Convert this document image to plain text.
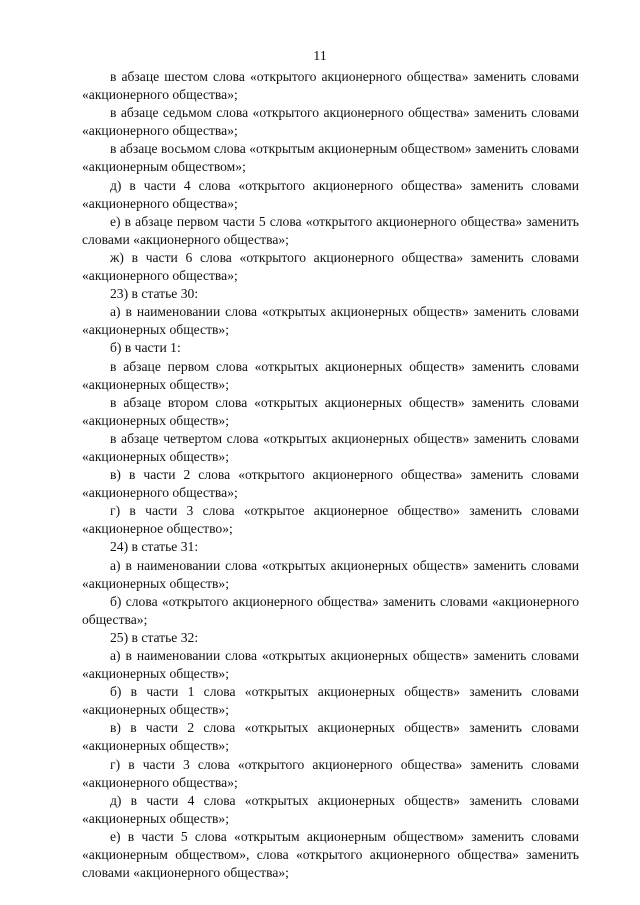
11

в абзаце шестом слова «открытого акционерного общества» заменить словами «акционерного общества»;

в абзаце седьмом слова «открытого акционерного общества» заменить словами «акционерного общества»;

в абзаце восьмом слова «открытым акционерным обществом» заменить словами «акционерным обществом»;

д) в части 4 слова «открытого акционерного общества» заменить словами «акционерного общества»;

е) в абзаце первом части 5 слова «открытого акционерного общества» заменить словами «акционерного общества»;

ж) в части 6 слова «открытого акционерного общества» заменить словами «акционерного общества»;

23) в статье 30:

а) в наименовании слова «открытых акционерных обществ» заменить словами «акционерных обществ»;

б) в части 1:

в абзаце первом слова «открытых акционерных обществ» заменить словами «акционерных обществ»;

в абзаце втором слова «открытых акционерных обществ» заменить словами «акционерных обществ»;

в абзаце четвертом слова «открытых акционерных обществ» заменить словами «акционерных обществ»;

в) в части 2 слова «открытого акционерного общества» заменить словами «акционерного общества»;

г) в части 3 слова «открытое акционерное общество» заменить словами «акционерное общество»;

24) в статье 31:

а) в наименовании слова «открытых акционерных обществ» заменить словами «акционерных обществ»;

б) слова «открытого акционерного общества» заменить словами «акционерного общества»;

25) в статье 32:

а) в наименовании слова «открытых акционерных обществ» заменить словами «акционерных обществ»;

б) в части 1 слова «открытых акционерных обществ» заменить словами «акционерных обществ»;

в) в части 2 слова «открытых акционерных обществ» заменить словами «акционерных обществ»;

г) в части 3 слова «открытого акционерного общества» заменить словами «акционерного общества»;

д) в части 4 слова «открытых акционерных обществ» заменить словами «акционерных обществ»;

е) в части 5 слова «открытым акционерным обществом» заменить словами «акционерным обществом», слова «открытого акционерного общества» заменить словами «акционерного общества»;
